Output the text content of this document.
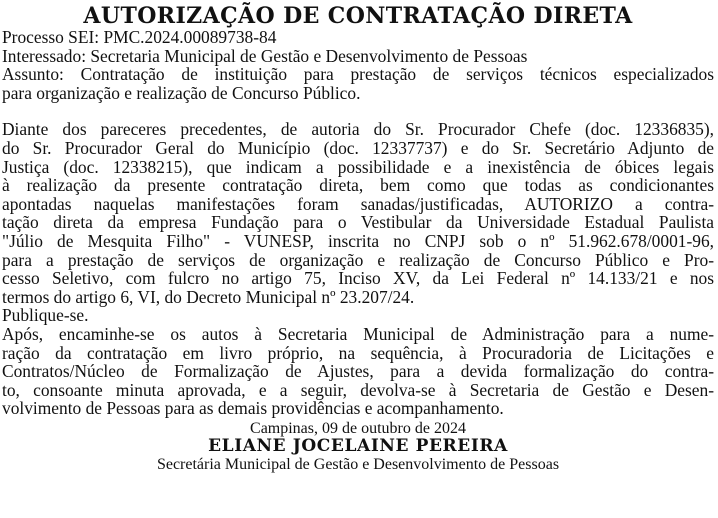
AUTORIZAÇÃO DE CONTRATAÇÃO DIRETA

Processo SEI: PMC.2024.00089738-84

Interessado: Secretaria Municipal de Gestão e Desenvolvimento de Pessoas

Assunto: Contratação de instituição para prestação de serviços técnicos especializados
para organização e realização de Concurso Público.
Diante dos pareceres precedentes, de autoria do Sr. Procurador Chefe (doc. 12336835),
do Sr. Procurador Geral do Município (doc. 12337737) e do Sr. Secretário Adjunto de
Justiça (doc. 12338215), que indicam a possibilidade e a inexistência de óbices legais
à realização da presente contratação direta, bem como que todas as condicionantes
apontadas naquelas manifestações foram sanadas/justificadas, AUTORIZO a contra-
tação direta da empresa Fundação para o Vestibular da Universidade Estadual Paulista
"Júlio de Mesquita Filho" - VUNESP, inscrita no CNPJ sob o nº 51.962.678/0001-96,
para a prestação de serviços de organização e realização de Concurso Público e Pro-
cesso Seletivo, com fulcro no artigo 75, Inciso XV, da Lei Federal nº 14.133/21 e nos
termos do artigo 6, VI, do Decreto Municipal nº 23.207/24.

Publique-se.

Após, encaminhe-se os autos à Secretaria Municipal de Administração para a nume-
ração da contratação em livro próprio, na sequência, à Procuradoria de Licitações e
Contratos/Núcleo de Formalização de Ajustes, para a devida formalização do contra-
to, consoante minuta aprovada, e a seguir, devolva-se à Secretaria de Gestão e Desen-
volvimento de Pessoas para as demais providências e acompanhamento.

Campinas, 09 de outubro de 2024

ELIANE JOCELAINE PEREIRA

Secretária Municipal de Gestão e Desenvolvimento de Pessoas
